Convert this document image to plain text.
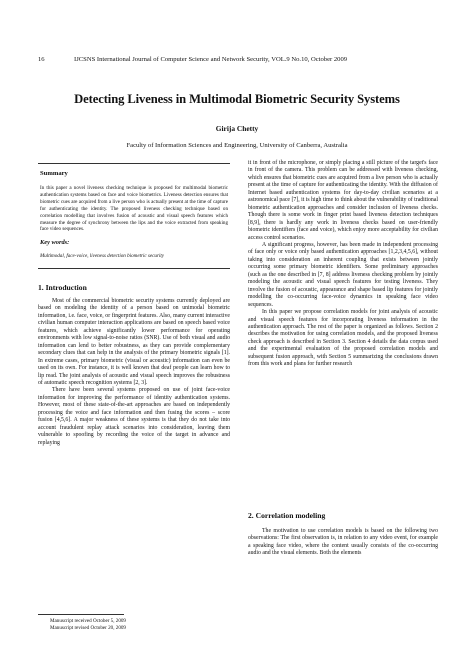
16	IJCSNS International Journal of Computer Science and Network Security, VOL.9 No.10, October 2009
Detecting Liveness in Multimodal Biometric Security Systems
Girija Chetty
Faculty of Information Sciences and Engineering, University of Canberra, Australia
Summary
In this paper a novel liveness checking technique is proposed for multimodal biometric authentication systems based on face and voice biometrics. Liveness detection ensures that biometric cues are acquired from a live person who is actually present at the time of capture for authenticating the identity. The proposed liveness checking technique based on correlation modelling that involves fusion of acoustic and visual speech features which measure the degree of synchrony between the lips and the voice extracted from speaking face video sequences.
Key words:
Multimodal, face-voice, liveness detection biometric security
1. Introduction

Most of the commercial biometric security systems currently deployed are based on modeling the identity of a person based on unimodal biometric information, i.e. face, voice, or fingerprint features. Also, many current interactive civilian human computer interaction applications are based on speech based voice features, which achieve significantly lower performance for operating environments with low signal-to-noise ratios (SNR). Use of both visual and audio information can lend to better robustness, as they can provide complementary secondary clues that can help in the analysis of the primary biometric signals [1]. In extreme cases, primary biometric (visual or acoustic) information can even be used on its own. For instance, it is well known that deaf people can learn how to lip read. The joint analysis of acoustic and visual speech improves the robustness of automatic speech recognition systems [2, 3].

There have been several systems proposed on use of joint face-voice information for improving the performance of identity authentication systems. However, most of these state-of-the-art approaches are based on independently processing the voice and face information and then fusing the scores – score fusion [4,5,6]. A major weakness of these systems is that they do not take into account fraudulent replay attack scenarios into consideration, leaving them vulnerable to spoofing by recording the voice of the target in advance and replaying

it in front of the microphone, or simply placing a still picture of the target's face in front of the camera. This problem can be addressed with liveness checking, which ensures that biometric cues are acquired from a live person who is actually present at the time of capture for authenticating the identity. With the diffusion of Internet based authentication systems for day-to-day civilian scenarios at a astronomical pace [7], it is high time to think about the vulnerability of traditional biometric authentication approaches and consider inclusion of liveness checks. Though there is some work in finger print based liveness detection techniques [8,9], there is hardly any work in liveness checks based on user-friendly biometric identifiers (face and voice), which enjoy more acceptability for civilian access control scenarios.

A significant progress, however, has been made in independent processing of face only or voice only based authentication approaches [1,2,3,4,5,6], without taking into consideration an inherent coupling that exists between jointly occurring some primary biometric identifiers. Some preliminary approaches (such as the one described in [7, 8] address liveness checking problem by jointly modeling the acoustic and visual speech features for testing liveness. They involve the fusion of acoustic, appearance and shape based lip features for jointly modelling the co-occurring face-voice dynamics in speaking face video sequences.

In this paper we propose correlation models for joint analysis of acoustic and visual speech features for incorporating liveness information in the authentication approach. The rest of the paper is organized as follows. Section 2 describes the motivation for using correlation models, and the proposed liveness check approach is described in Section 3. Section 4 details the data corpus used and the experimental evaluation of the proposed correlation models and subsequent fusion approach, with Section 5 summarizing the conclusions drawn from this work and plans for further research

2. Correlation modeling

The motivation to use correlation models is based on the following two observations: The first observation is, in relation to any video event, for example a speaking face video, where the content usually consists of the co-occurring audio and the visual elements. Both the elements

Manuscript received October 5, 2009
Manuscript revised October 20, 2009
